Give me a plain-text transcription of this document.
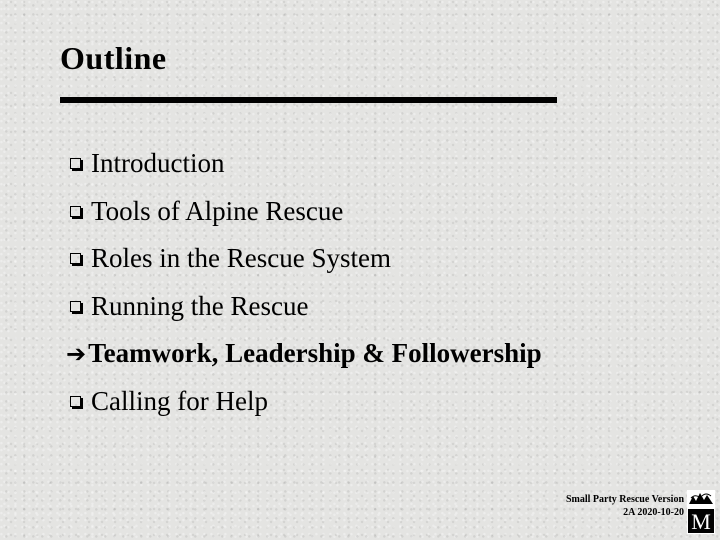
Outline
Introduction
Tools of Alpine Rescue
Roles in the Rescue System
Running the Rescue
➔ Teamwork, Leadership & Followership
Calling for Help
Small Party Rescue Version
2A 2020-10-20 M
